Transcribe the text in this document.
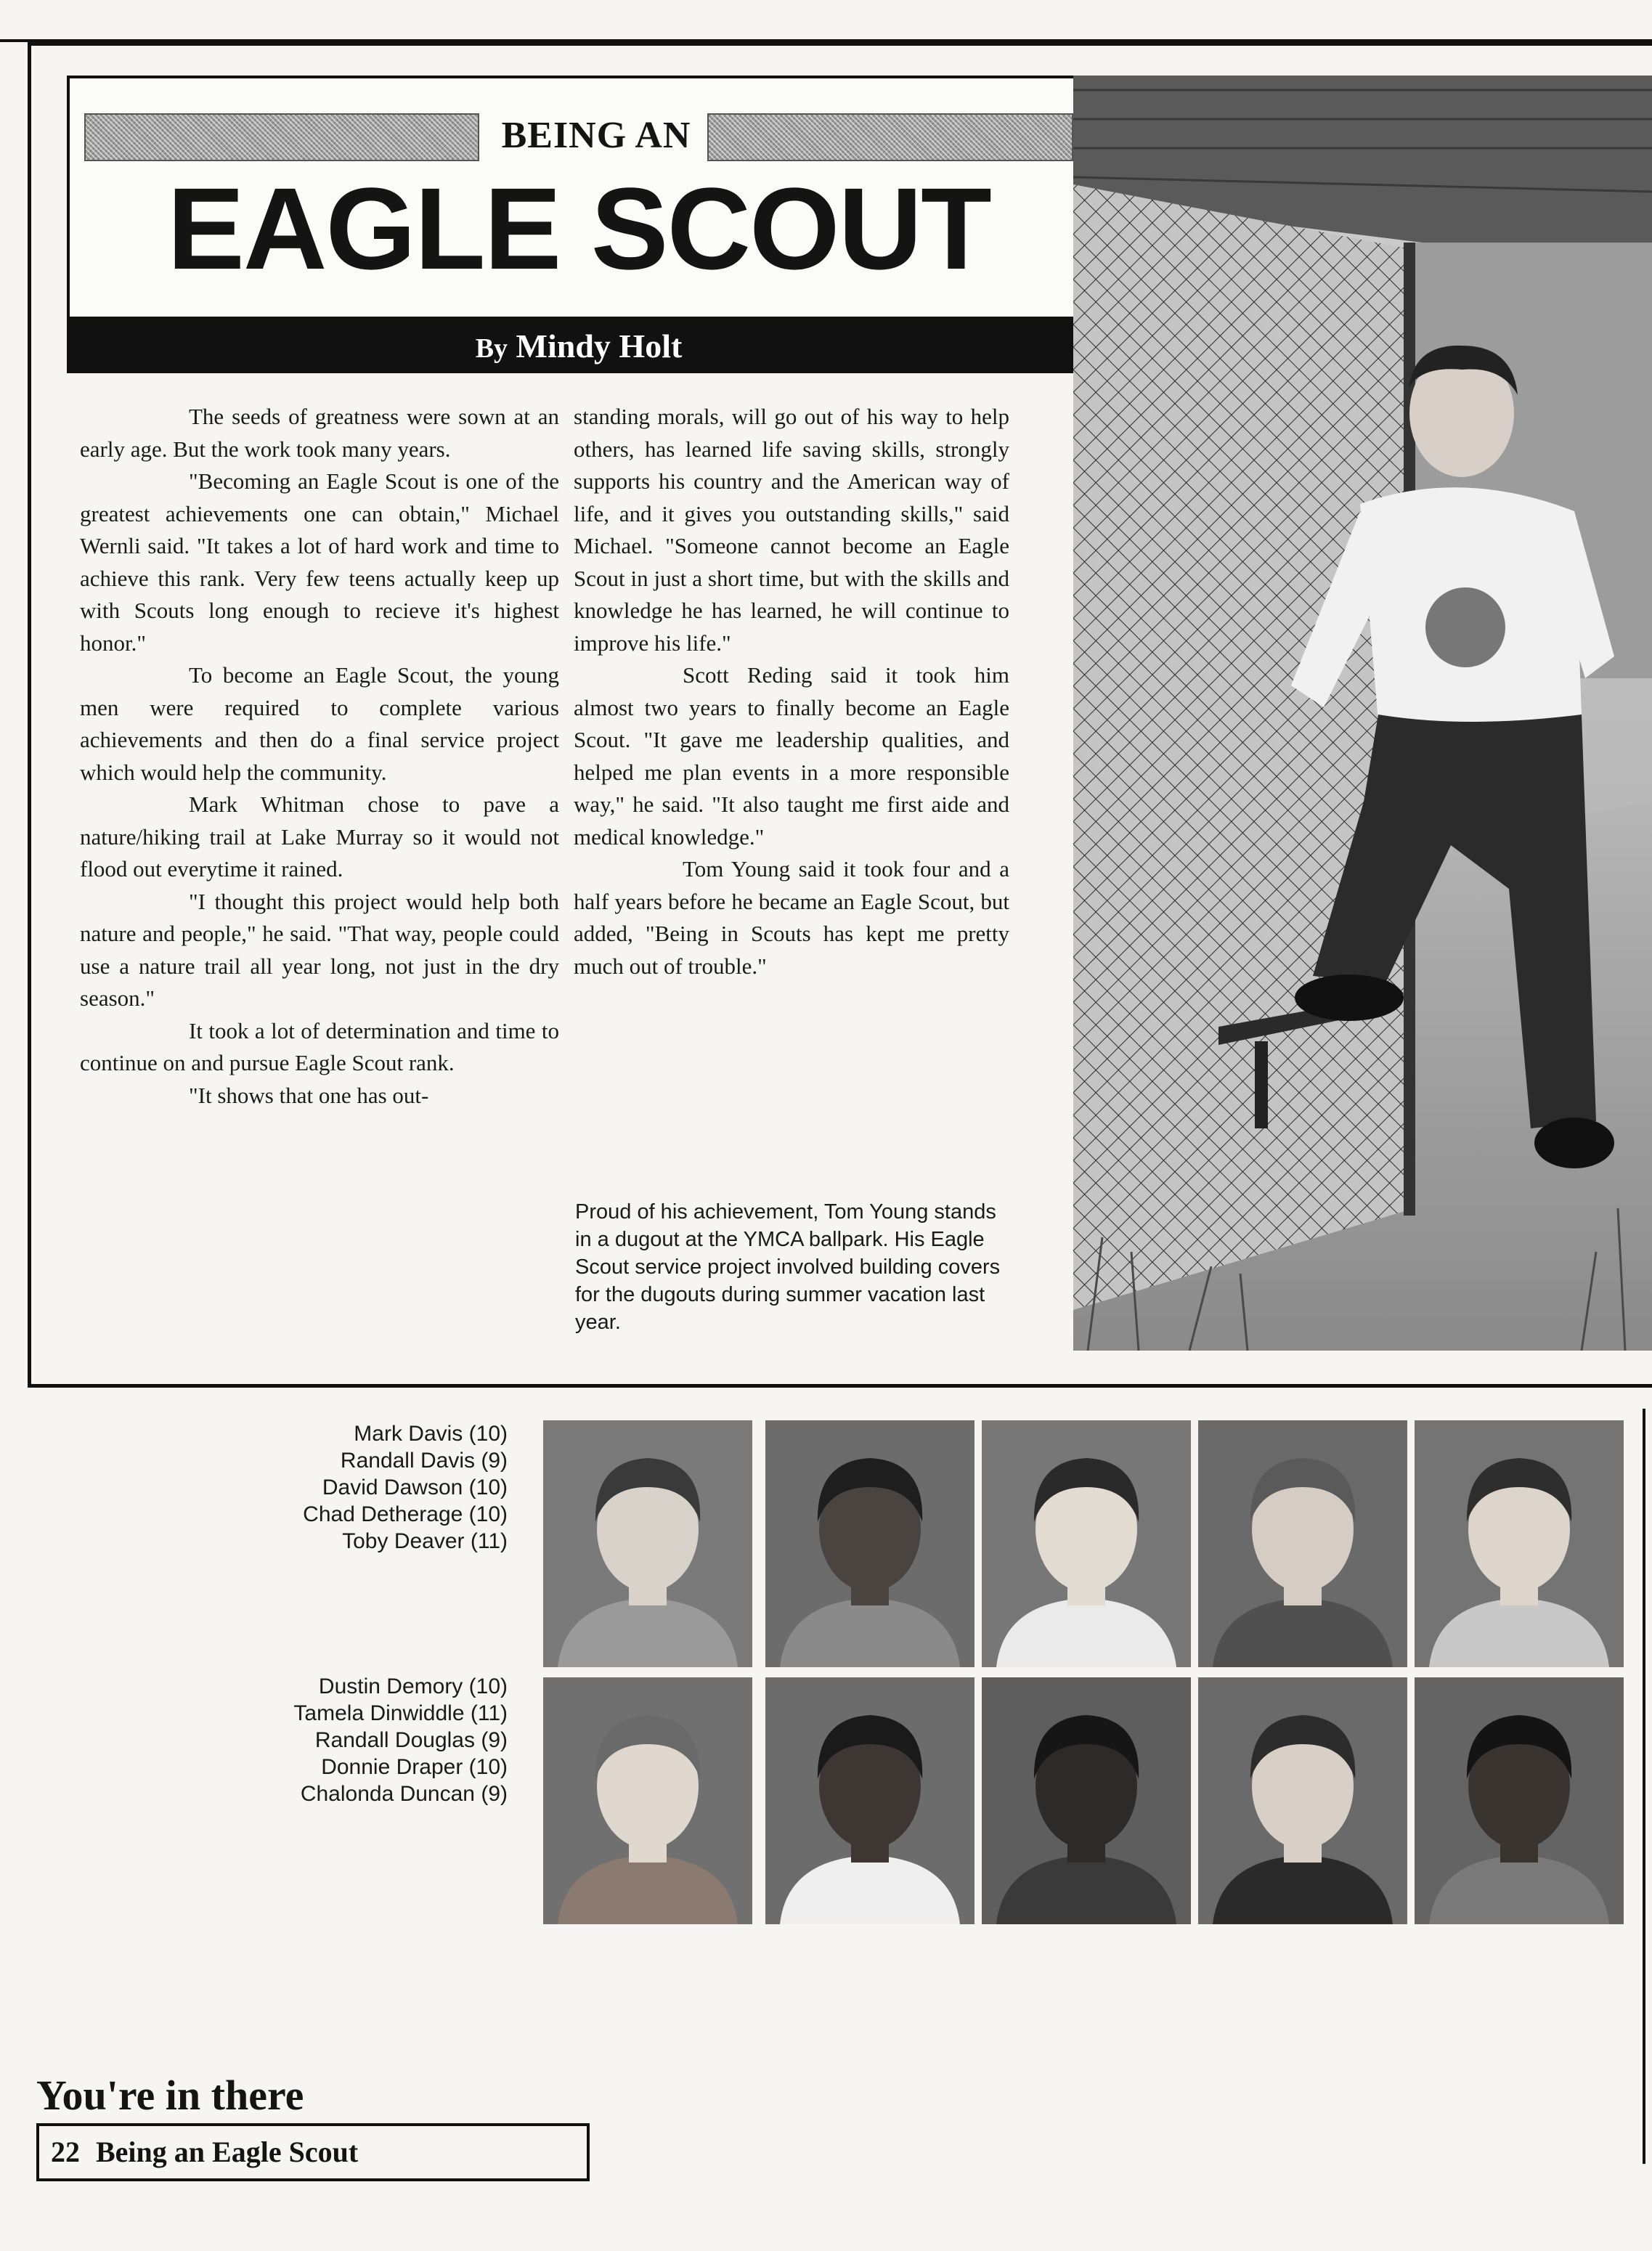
BEING AN
EAGLE SCOUT
By Mindy Holt

The seeds of greatness were sown at an early age. But the work took many years.

"Becoming an Eagle Scout is one of the greatest achievements one can obtain," Michael Wernli said. "It takes a lot of hard work and time to achieve this rank. Very few teens actually keep up with Scouts long enough to recieve it's highest honor."

To become an Eagle Scout, the young men were required to complete various achievements and then do a final service project which would help the community.

Mark Whitman chose to pave a nature/hiking trail at Lake Murray so it would not flood out everytime it rained.

"I thought this project would help both nature and people," he said. "That way, people could use a nature trail all year long, not just in the dry season."

It took a lot of determination and time to continue on and pursue Eagle Scout rank.

"It shows that one has out-

standing morals, will go out of his way to help others, has learned life saving skills, strongly supports his country and the American way of life, and it gives you outstanding skills," said Michael. "Someone cannot become an Eagle Scout in just a short time, but with the skills and knowledge he has learned, he will continue to improve his life."

Scott Reding said it took him almost two years to finally become an Eagle Scout. "It gave me leadership qualities, and helped me plan events in a more responsible way," he said. "It also taught me first aide and medical knowledge."

Tom Young said it took four and a half years before he became an Eagle Scout, but added, "Being in Scouts has kept me pretty much out of trouble."

Proud of his achievement, Tom Young stands in a dugout at the YMCA ballpark. His Eagle Scout service project involved building covers for the dugouts during summer vacation last year.
Mark Davis (10)
Randall Davis (9)
David Dawson (10)
Chad Detherage (10)
Toby Deaver (11)
Dustin Demory (10)
Tamela Dinwiddle (11)
Randall Douglas (9)
Donnie Draper (10)
Chalonda Duncan (9)
You're in there
22 Being an Eagle Scout
